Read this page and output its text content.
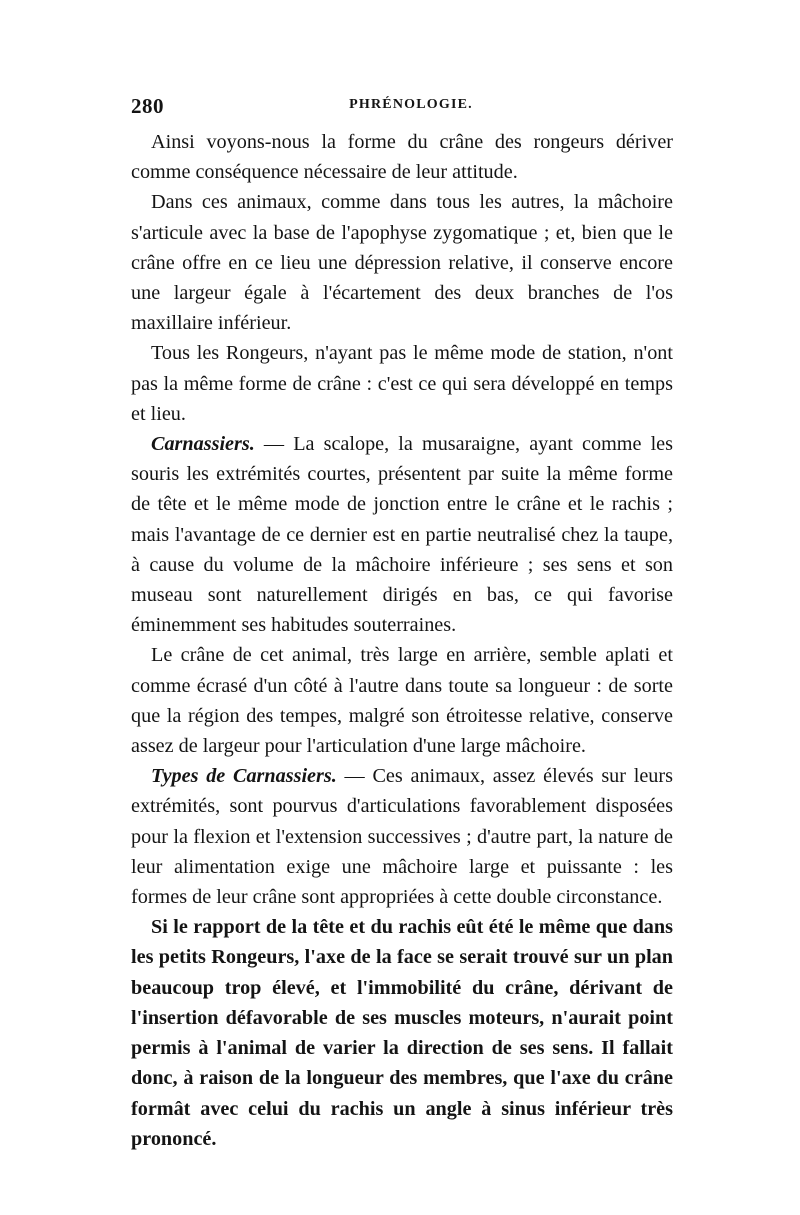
280	PHRÉNOLOGIE.

Ainsi voyons-nous la forme du crâne des rongeurs dériver comme conséquence nécessaire de leur attitude.

Dans ces animaux, comme dans tous les autres, la mâchoire s'articule avec la base de l'apophyse zygomatique ; et, bien que le crâne offre en ce lieu une dépression relative, il conserve encore une largeur égale à l'écartement des deux branches de l'os maxillaire inférieur.

Tous les Rongeurs, n'ayant pas le même mode de station, n'ont pas la même forme de crâne : c'est ce qui sera développé en temps et lieu.

Carnassiers. — La scalope, la musaraigne, ayant comme les souris les extrémités courtes, présentent par suite la même forme de tête et le même mode de jonction entre le crâne et le rachis ; mais l'avantage de ce dernier est en partie neutralisé chez la taupe, à cause du volume de la mâchoire inférieure ; ses sens et son museau sont naturellement dirigés en bas, ce qui favorise éminemment ses habitudes souterraines.

Le crâne de cet animal, très large en arrière, semble aplati et comme écrasé d'un côté à l'autre dans toute sa longueur : de sorte que la région des tempes, malgré son étroitesse relative, conserve assez de largeur pour l'articulation d'une large mâchoire.

Types de Carnassiers. — Ces animaux, assez élevés sur leurs extrémités, sont pourvus d'articulations favorablement disposées pour la flexion et l'extension successives ; d'autre part, la nature de leur alimentation exige une mâchoire large et puissante : les formes de leur crâne sont appropriées à cette double circonstance.

Si le rapport de la tête et du rachis eût été le même que dans les petits Rongeurs, l'axe de la face se serait trouvé sur un plan beaucoup trop élevé, et l'immobilité du crâne, dérivant de l'insertion défavorable de ses muscles moteurs, n'aurait point permis à l'animal de varier la direction de ses sens. Il fallait donc, à raison de la longueur des membres, que l'axe du crâne formât avec celui du rachis un angle à sinus inférieur très prononcé.
